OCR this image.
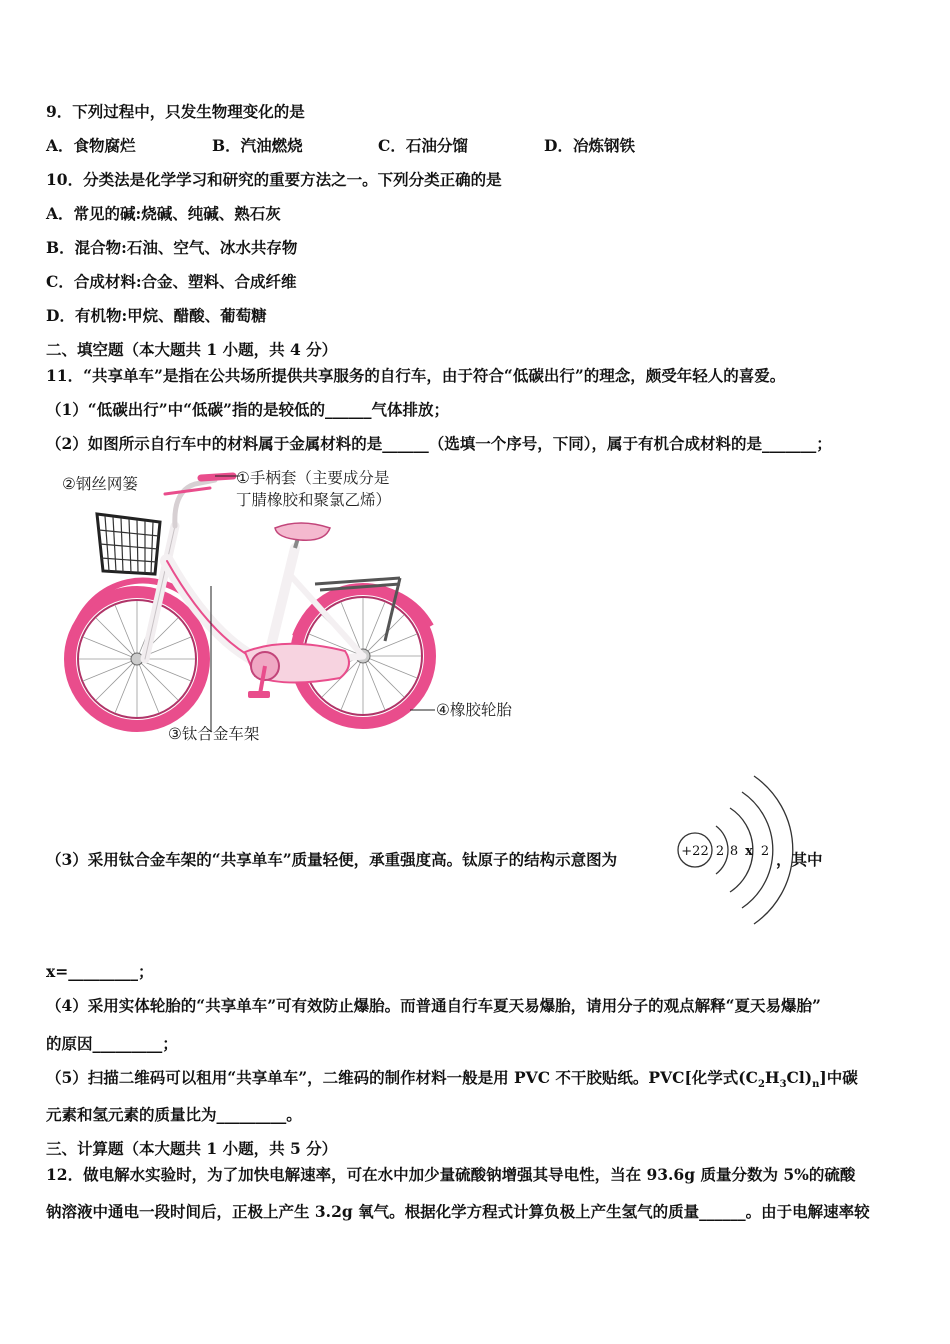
9．下列过程中，只发生物理变化的是
A．食物腐烂	B．汽油燃烧	C．石油分馏	D．冶炼钢铁
10．分类法是化学学习和研究的重要方法之一。下列分类正确的是
A．常见的碱:烧碱、纯碱、熟石灰
B．混合物:石油、空气、冰水共存物
C．合成材料:合金、塑料、合成纤维
D．有机物:甲烷、醋酸、葡萄糖
二、填空题（本大题共 1 小题，共 4 分）
11．“共享单车”是指在公共场所提供共享服务的自行车，由于符合“低碳出行”的理念，颇受年轻人的喜爱。
（1）“低碳出行”中“低碳”指的是较低的______气体排放；
（2）如图所示自行车中的材料属于金属材料的是______（选填一个序号，下同），属于有机合成材料的是_______；
②钢丝网篓	①手柄套（主要成分是
丁腈橡胶和聚氯乙烯）
③钛合金车架
④橡胶轮胎
（3）采用钛合金车架的“共享单车”质量轻便，承重强度高。钛原子的结构示意图为	+22 2 8 x 2 ，其中
x=_________；
（4）采用实体轮胎的“共享单车”可有效防止爆胎。而普通自行车夏天易爆胎，请用分子的观点解释“夏天易爆胎”
的原因_________；
（5）扫描二维码可以租用“共享单车”，二维码的制作材料一般是用 PVC 不干胶贴纸。PVC[化学式$(C_2H_3Cl)_n$]中碳
元素和氢元素的质量比为_________。
三、计算题（本大题共 1 小题，共 5 分）
12．做电解水实验时，为了加快电解速率，可在水中加少量硫酸钠增强其导电性，当在 93.6g 质量分数为 5%的硫酸
钠溶液中通电一段时间后，正极上产生 3.2g 氧气。根据化学方程式计算负极上产生氢气的质量______。由于电解速率较
